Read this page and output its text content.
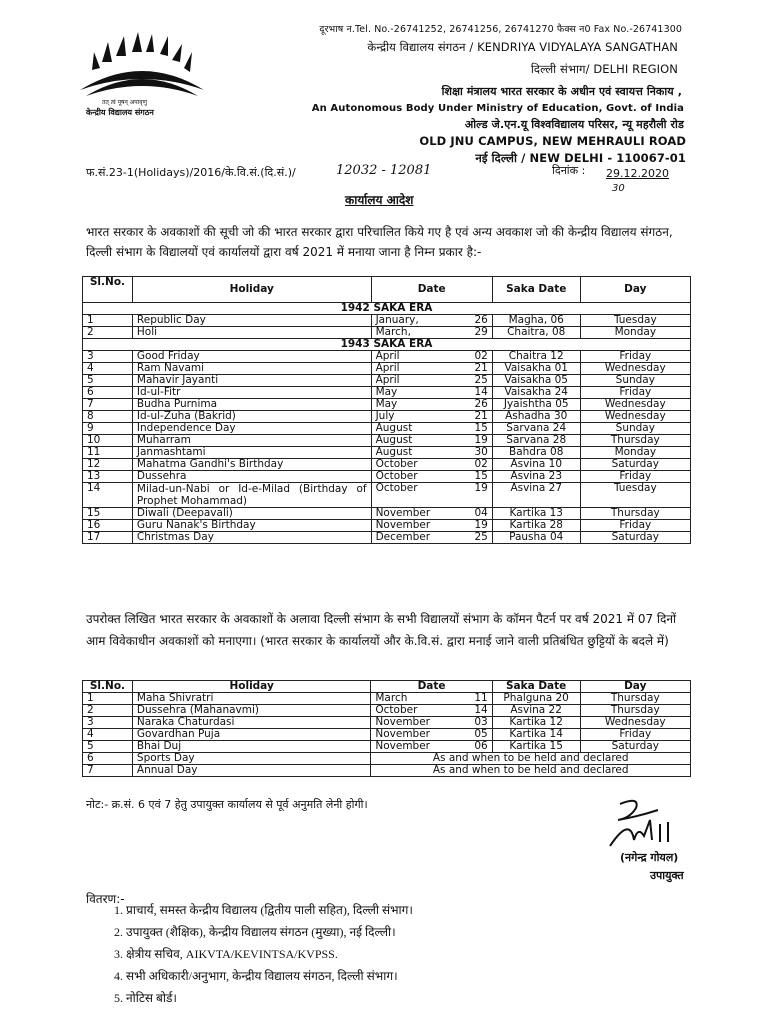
तत् त्वं पूषन् अपावृणु
केन्द्रीय विद्यालय संगठन
दूरभाष न.Tel. No.-26741252, 26741256, 26741270 फैक्स न0 Fax No.-26741300
केन्द्रीय विद्यालय संगठन / KENDRIYA VIDYALAYA SANGATHAN
दिल्ली संभाग/ DELHI REGION
शिक्षा मंत्रालय भारत सरकार के अधीन एवं स्वायत्त निकाय ,
An Autonomous Body Under Ministry of Education, Govt. of India
ओल्ड जे.एन.यू विश्वविद्यालय परिसर, न्यू महरौली रोड
OLD JNU CAMPUS, NEW MEHRAULI ROAD
नई दिल्ली / NEW DELHI - 110067-01
फ.सं.23-1(Holidays)/2016/के.वि.सं.(दि.सं.)/	12032 - 12081	दिनांक : 29.12.2020
30
कार्यालय आदेश
भारत सरकार के अवकाशों की सूची जो की भारत सरकार द्वारा परिचालित किये गए है एवं अन्य अवकाश जो की केन्द्रीय विद्यालय संगठन, दिल्ली संभाग के विद्यालयों एवं कार्यालयों द्वारा वर्ष 2021 में मनाया जाना है निम्न प्रकार है:-
Sl.No.	Holiday	Date		Saka Date	Day
1942 SAKA ERA					
1	Republic Day	January,	26	Magha, 06	Tuesday
2	Holi	March,	29	Chaitra, 08	Monday
1943 SAKA ERA					
3	Good Friday	April	02	Chaitra 12	Friday
4	Ram Navami	April	21	Vaisakha 01	Wednesday
5	Mahavir Jayanti	April	25	Vaisakha 05	Sunday
6	Id-ul-Fitr	May	14	Vaisakha 24	Friday
7	Budha Purnima	May	26	Jyaishtha 05	Wednesday
8	Id-ul-Zuha (Bakrid)	July	21	Ashadha 30	Wednesday
9	Independence Day	August	15	Sarvana 24	Sunday
10	Muharram	August	19	Sarvana 28	Thursday
11	Janmashtami	August	30	Bahdra 08	Monday
12	Mahatma Gandhi's Birthday	October	02	Asvina 10	Saturday
13	Dussehra	October	15	Asvina 23	Friday
14	Milad-un-Nabi or Id-e-Milad (Birthday of Prophet Mohammad)	October	19	Asvina 27	Tuesday
15	Diwali (Deepavali)	November	04	Kartika 13	Thursday
16	Guru Nanak's Birthday	November	19	Kartika 28	Friday
17	Christmas Day	December	25	Pausha 04	Saturday
उपरोक्त लिखित भारत सरकार के अवकाशों के अलावा दिल्ली संभाग के सभी विद्यालयों संभाग के कॉमन पैटर्न पर वर्ष 2021 में 07 दिनों आम विवेकाधीन अवकाशों को मनाएगा। (भारत सरकार के कार्यालयों और के.वि.सं. द्वारा मनाई जाने वाली प्रतिबंधित छुट्टियों के बदले में)
Sl.No.	Holiday	Date		Saka Date	Day
1	Maha Shivratri	March	11	Phalguna 20	Thursday
2	Dussehra (Mahanavmi)	October	14	Asvina 22	Thursday
3	Naraka Chaturdasi	November	03	Kartika 12	Wednesday
4	Govardhan Puja	November	05	Kartika 14	Friday
5	Bhai Duj	November	06	Kartika 15	Saturday
6	Sports Day	As and when to be held and declared			
7	Annual Day	As and when to be held and declared			
नोट:- क्र.सं. 6 एवं 7 हेतु उपायुक्त कार्यालय से पूर्व अनुमति लेनी होगी।
(नगेन्द्र गोयल)
उपायुक्त
वितरण:-
1. प्राचार्य, समस्त केन्द्रीय विद्यालय (द्वितीय पाली सहित), दिल्ली संभाग।
2. उपायुक्त (शैक्षिक), केन्द्रीय विद्यालय संगठन (मुख्या), नई दिल्ली।
3. क्षेत्रीय सचिव, AIKVTA/KEVINTSA/KVPSS.
4. सभी अधिकारी/अनुभाग, केन्द्रीय विद्यालय संगठन, दिल्ली संभाग।
5. नोटिस बोर्ड।
